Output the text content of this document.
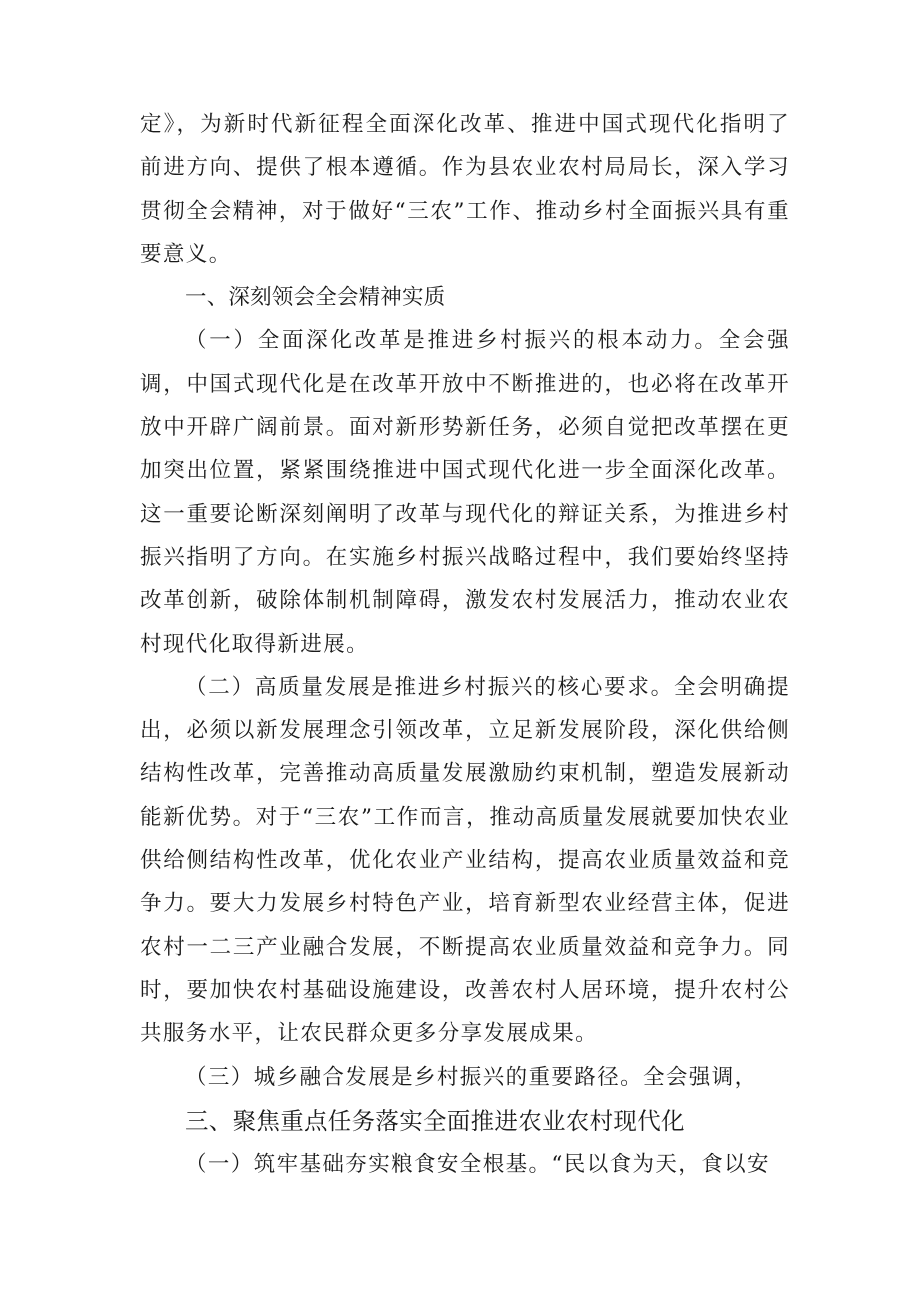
定》，为新时代新征程全面深化改革、推进中国式现代化指明了前进方向、提供了根本遵循。作为县农业农村局局长，深入学习贯彻全会精神，对于做好“三农”工作、推动乡村全面振兴具有重要意义。

一、深刻领会全会精神实质

（一）全面深化改革是推进乡村振兴的根本动力。全会强调，中国式现代化是在改革开放中不断推进的，也必将在改革开放中开辟广阔前景。面对新形势新任务，必须自觉把改革摆在更加突出位置，紧紧围绕推进中国式现代化进一步全面深化改革。这一重要论断深刻阐明了改革与现代化的辩证关系，为推进乡村振兴指明了方向。在实施乡村振兴战略过程中，我们要始终坚持改革创新，破除体制机制障碍，激发农村发展活力，推动农业农村现代化取得新进展。

（二）高质量发展是推进乡村振兴的核心要求。全会明确提出，必须以新发展理念引领改革，立足新发展阶段，深化供给侧结构性改革，完善推动高质量发展激励约束机制，塑造发展新动能新优势。对于“三农”工作而言，推动高质量发展就要加快农业供给侧结构性改革，优化农业产业结构，提高农业质量效益和竞争力。要大力发展乡村特色产业，培育新型农业经营主体，促进农村一二三产业融合发展，不断提高农业质量效益和竞争力。同时，要加快农村基础设施建设，改善农村人居环境，提升农村公共服务水平，让农民群众更多分享发展成果。

（三）城乡融合发展是乡村振兴的重要路径。全会强调，

三、聚焦重点任务落实全面推进农业农村现代化

（一）筑牢基础夯实粮食安全根基。“民以食为天，食以安
